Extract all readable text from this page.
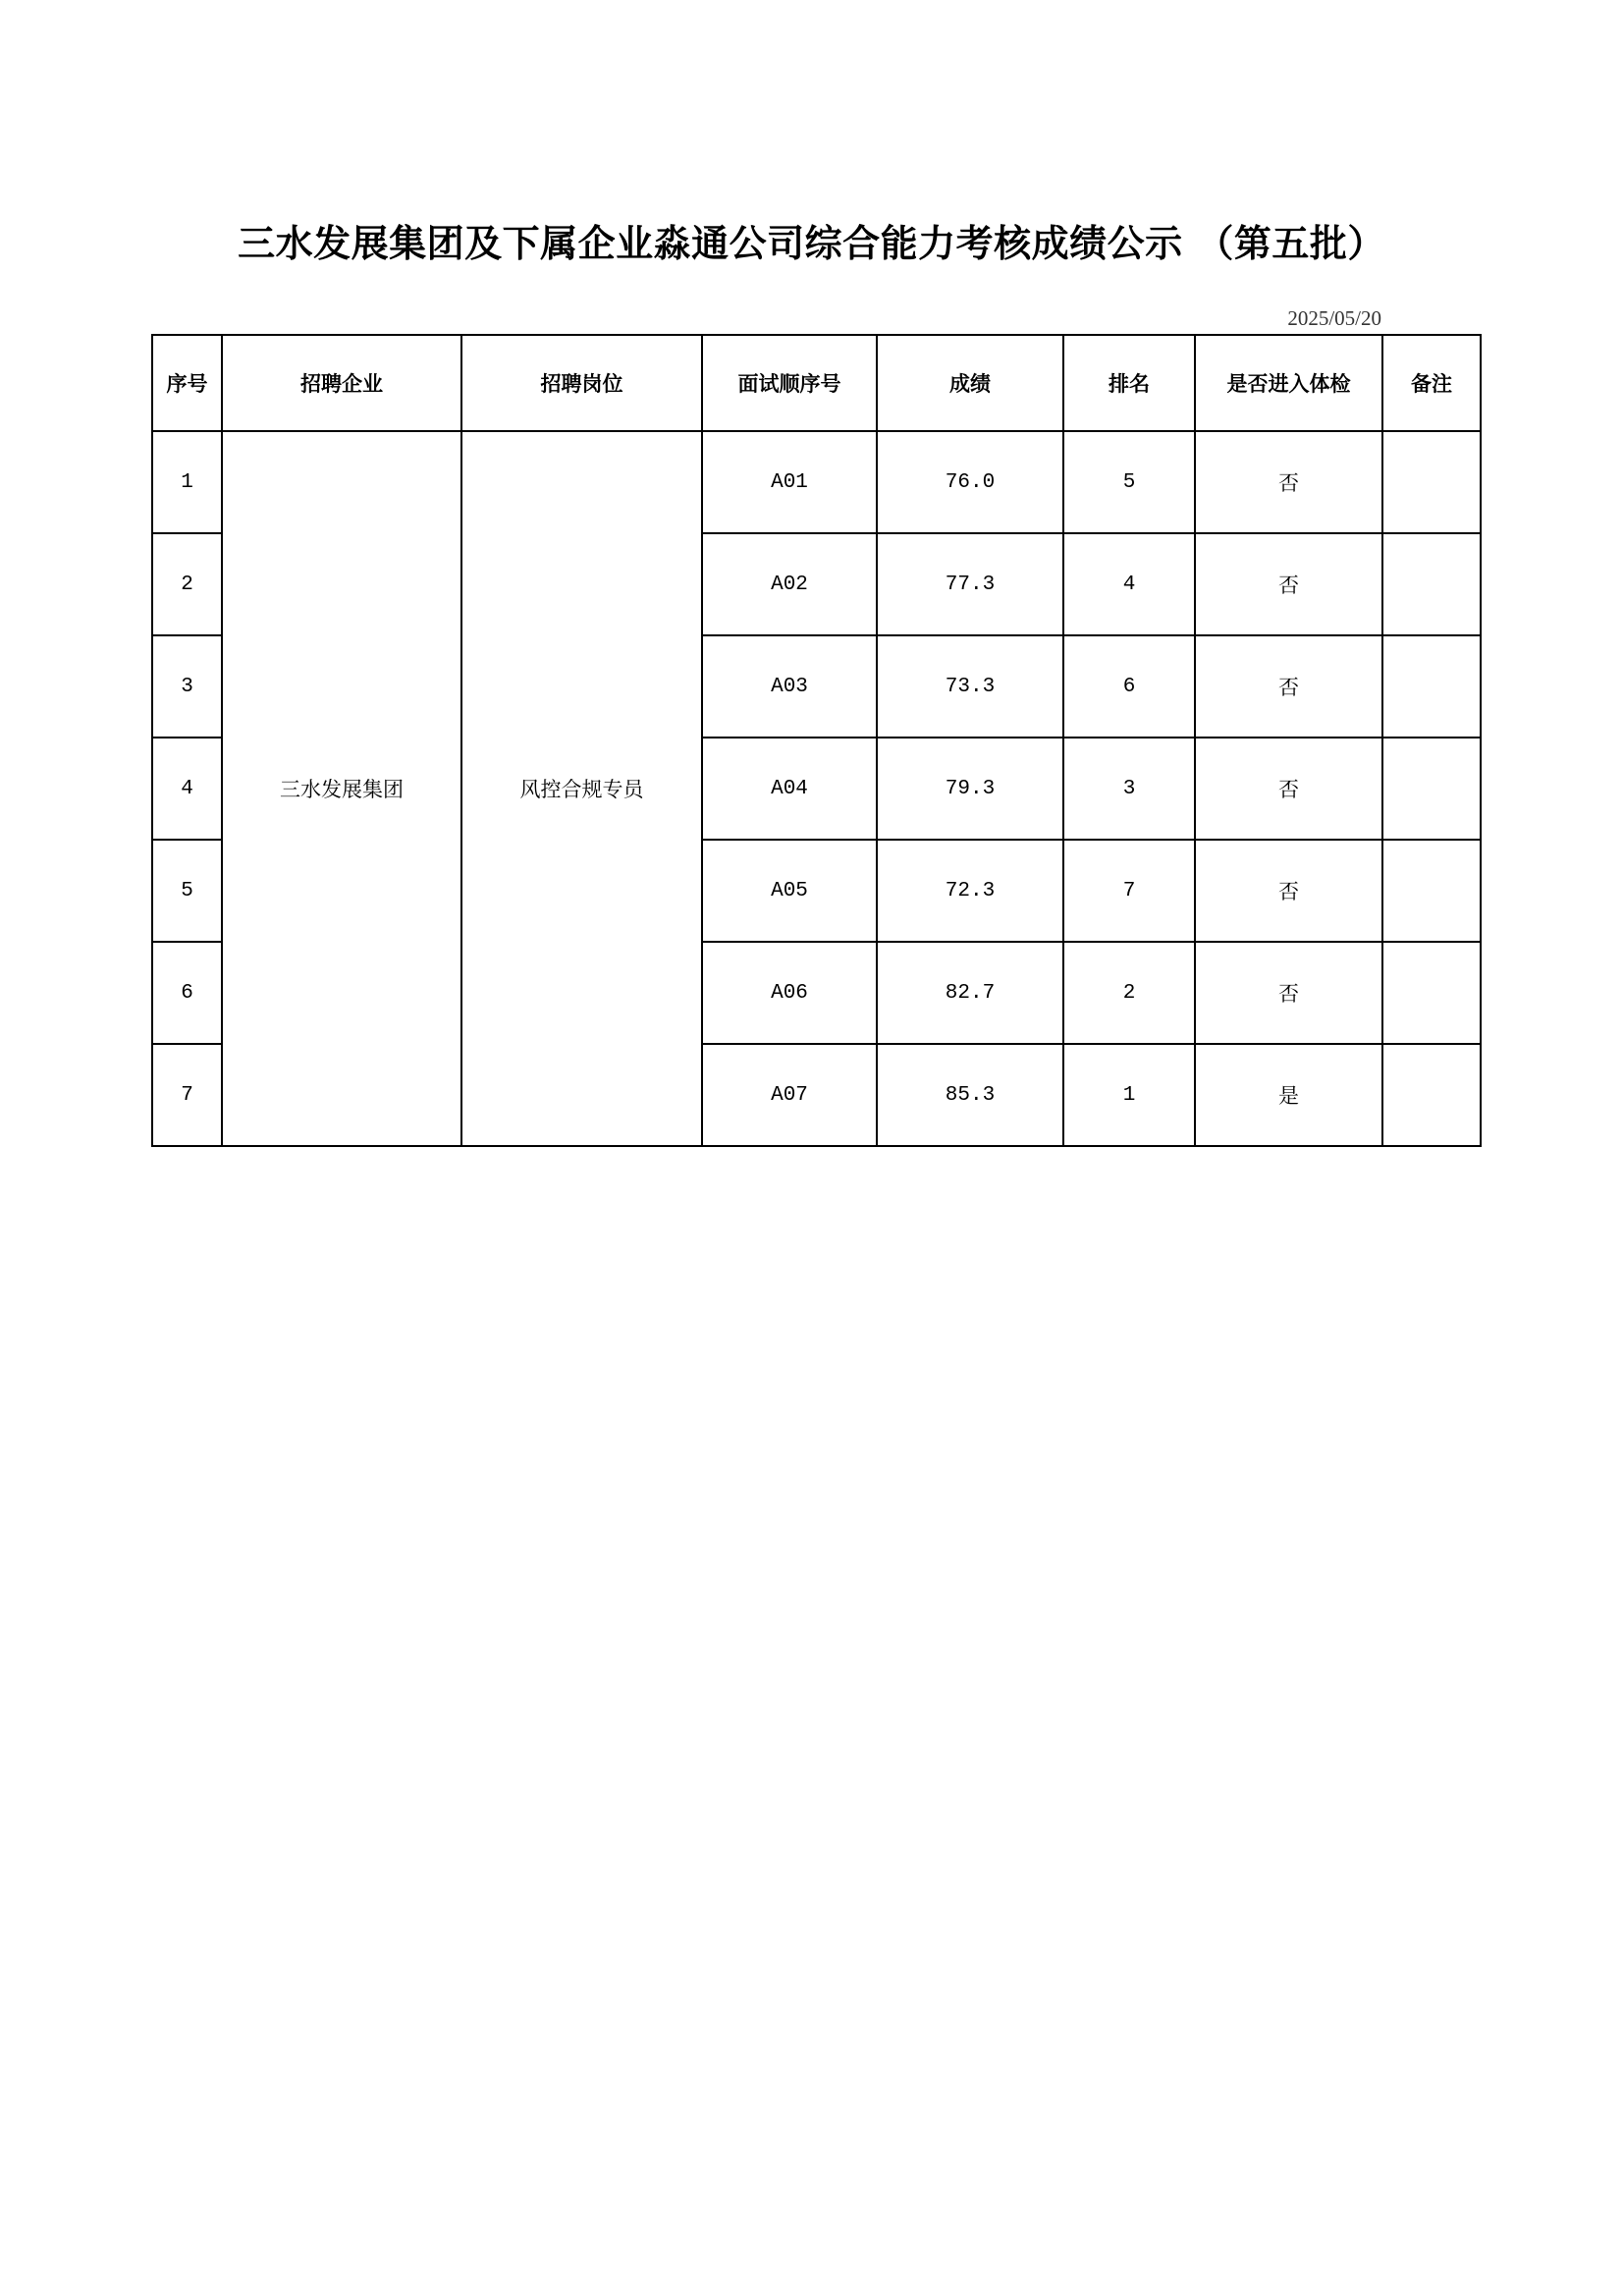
三水发展集团及下属企业淼通公司综合能力考核成绩公示 （第五批）
2025/05/20
序号	招聘企业	招聘岗位	面试顺序号	成绩	排名	是否进入体检	备注
1	三水发展集团	风控合规专员	A01	76.0	5	否	
2			A02	77.3	4	否	
3			A03	73.3	6	否	
4			A04	79.3	3	否	
5			A05	72.3	7	否	
6			A06	82.7	2	否	
7			A07	85.3	1	是	
